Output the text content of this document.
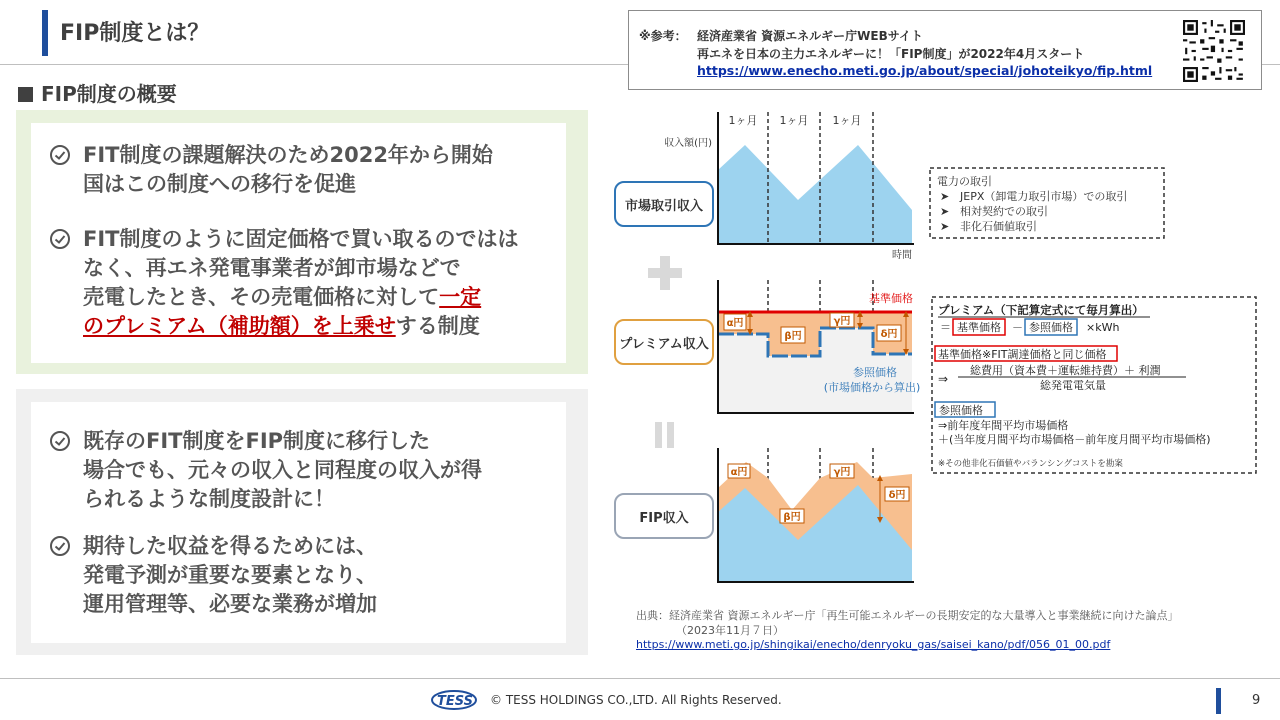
FIP制度とは？	※参考： 経済産業省 資源エネルギー庁WEBサイト
再エネを日本の主力エネルギーに！「FIP制度」が2022年4月スタート
https://www.enecho.meti.go.jp/about/special/johoteikyo/fip.html
FIP制度の概要
FIT制度の課題解決のため2022年から開始
国はこの制度への移行を促進
FIT制度のように固定価格で買い取るのではは
なく、再エネ発電事業者が卸市場などで
売電したとき、その売電価格に対して一定
のプレミアム（補助額）を上乗せする制度
既存のFIT制度をFIP制度に移行した
場合でも、元々の収入と同程度の収入が得
られるような制度設計に！
期待した収益を得るためには、
発電予測が重要な要素となり、
運用管理等、必要な業務が増加
1ヶ月 1ヶ月 1ヶ月
収入額(円)
時間
電力の取引
➤ JEPX（卸電力取引市場）での取引
➤ 相対契約での取引
➤ 非化石価値取引
基準価格
参照価格
(市場価格から算出)
α円
β円
γ円
δ円
プレミアム（下記算定式にて毎月算出）
＝ 基準価格 － 参照価格 ×kWh
基準価格※FIT調達価格と同じ価格
⇒
総費用（資本費＋運転維持費）＋ 利潤
総発電電気量
参照価格
⇒前年度年間平均市場価格
＋(当年度月間平均市場価格－前年度月間平均市場価格)
※その他非化石価値やバランシングコストを勘案
α円
β円
γ円
δ円
市場取引収入
プレミアム収入
FIP収入
出典：経済産業省 資源エネルギー庁「再生可能エネルギーの長期安定的な大量導入と事業継続に向けた論点」
（2023年11月７日）
https://www.meti.go.jp/shingikai/enecho/denryoku_gas/saisei_kano/pdf/056_01_00.pdf
TESS © TESS HOLDINGS CO.,LTD. All Rights Reserved.	9
